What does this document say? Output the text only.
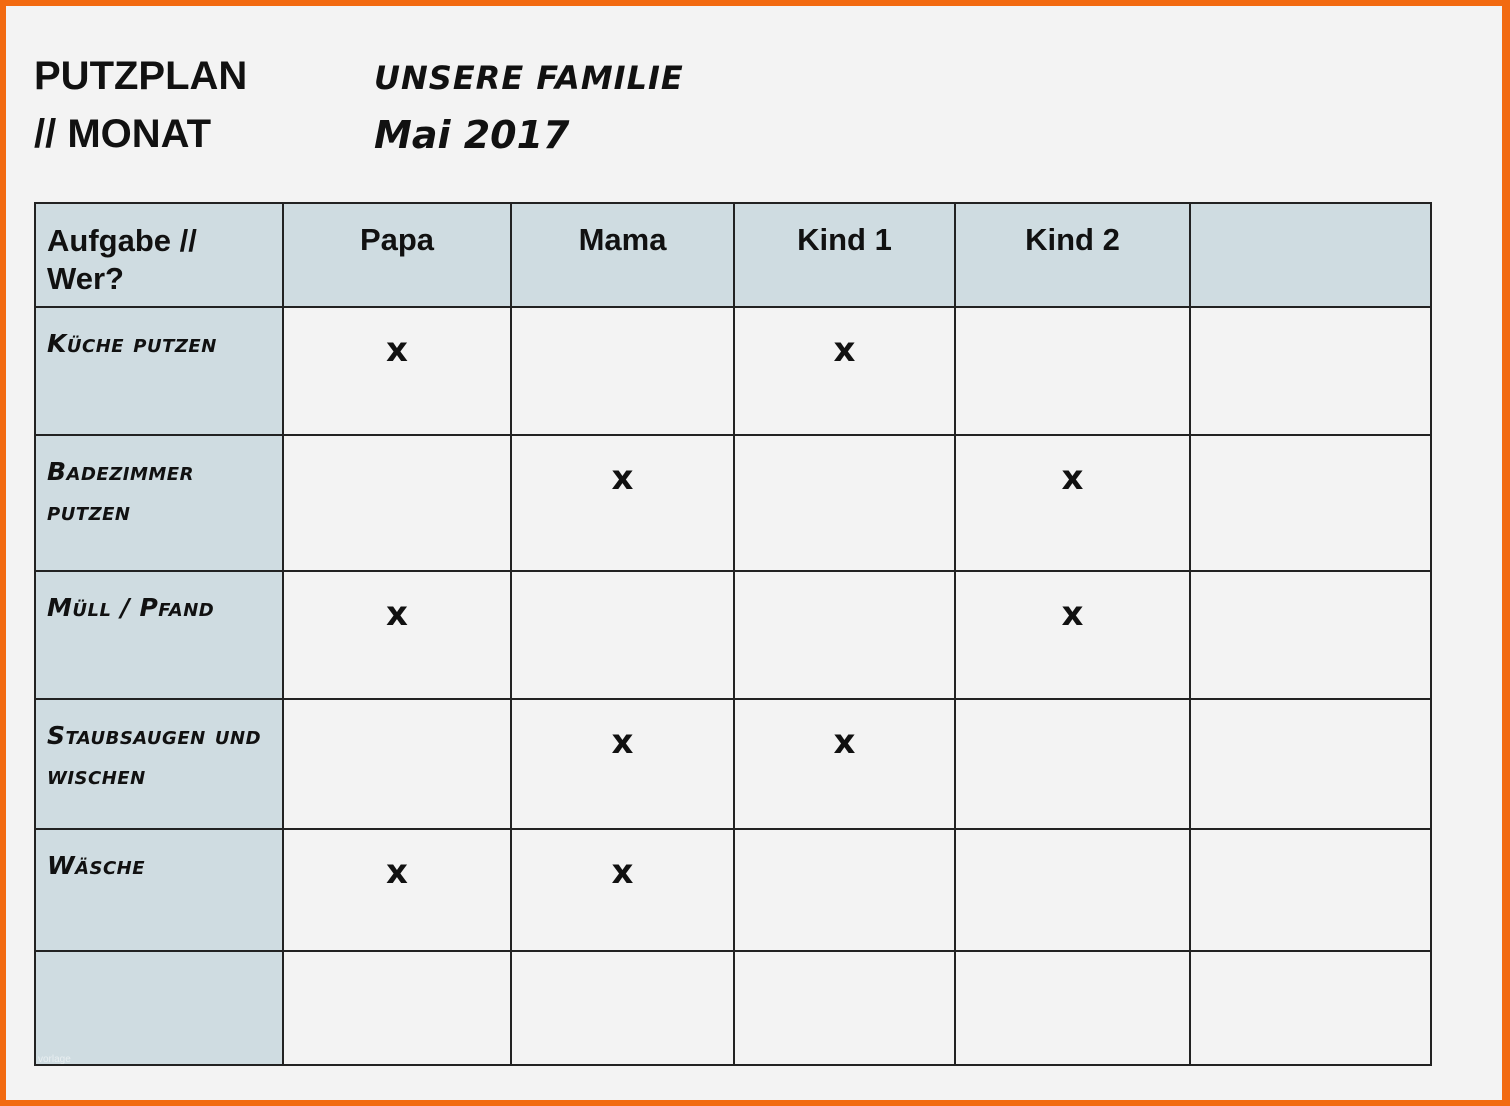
PUTZPLAN
// MONAT
UNSERE FAMILIE
Mai 2017
Aufgabe // Wer?	Papa	Mama	Kind 1	Kind 2	

Küche putzen	x		x		

Badezimmer putzen		x		x	

Müll / Pfand	x			x	

Staubsaugen und wischen		x	x		

Wäsche	x	x			

vorlage
